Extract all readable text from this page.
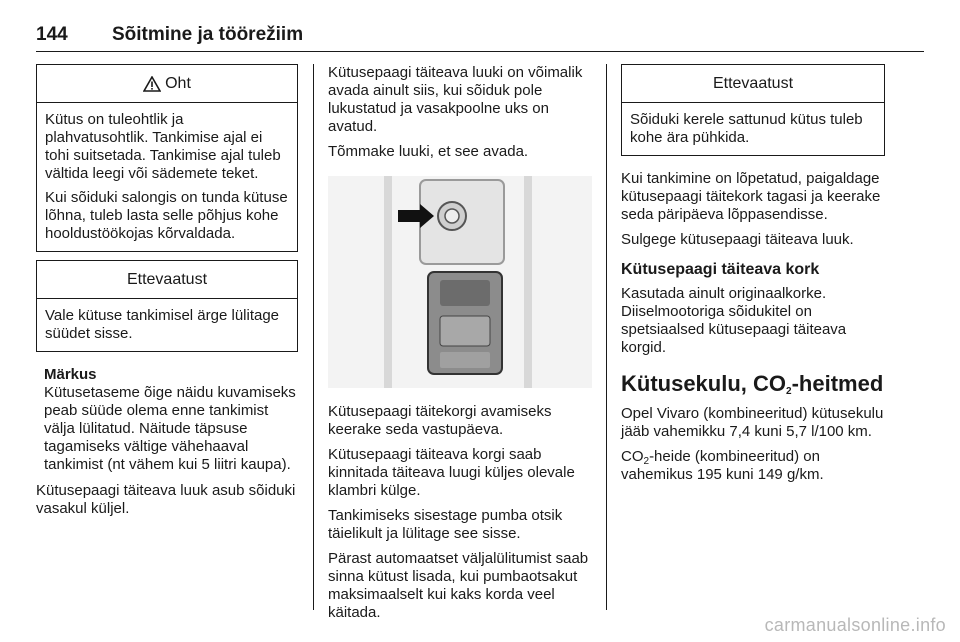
144 Sõitmine ja töörežiim
Oht

Kütus on tuleohtlik ja plahvatusohtlik. Tankimise ajal ei tohi suitsetada. Tankimise ajal tuleb vältida leegi või sädemete teket.

Kui sõiduki salongis on tunda kütuse lõhna, tuleb lasta selle põhjus kohe hooldustöökojas kõrvaldada.

Ettevaatust

Vale kütuse tankimisel ärge lülitage süüdet sisse.

Märkus
Kütusetaseme õige näidu kuvamiseks peab süüde olema enne tankimist välja lülitatud. Näitude täpsuse tagamiseks vältige vähehaaval tankimist (nt vähem kui 5 liitri kaupa).

Kütusepaagi täiteava luuk asub sõiduki vasakul küljel.

Kütusepaagi täiteava luuki on võimalik avada ainult siis, kui sõiduk pole lukustatud ja vasakpoolne uks on avatud.

Tõmmake luuki, et see avada.

Kütusepaagi täitekorgi avamiseks keerake seda vastupäeva.

Kütusepaagi täiteava korgi saab kinnitada täiteava luugi küljes olevale klambri külge.

Tankimiseks sisestage pumba otsik täielikult ja lülitage see sisse.

Pärast automaatset väljalülitumist saab sinna kütust lisada, kui pumbaotsakut maksimaalselt kui kaks korda veel käitada.

Ettevaatust

Sõiduki kerele sattunud kütus tuleb kohe ära pühkida.

Kui tankimine on lõpetatud, paigaldage kütusepaagi täitekork tagasi ja keerake seda päripäeva lõppasendisse.

Sulgege kütusepaagi täiteava luuk.

Kütusepaagi täiteava kork

Kasutada ainult originaalkorke. Diiselmootoriga sõidukitel on spetsiaalsed kütusepaagi täiteava korgid.

Kütusekulu, $CO_2$-heitmed

Opel Vivaro (kombineeritud) kütusekulu jääb vahemikku 7,4 kuni 5,7 l/100 km.

$CO_2$-heide (kombineeritud) on vahemikus 195 kuni 149 g/km.

carmanualsonline.info
